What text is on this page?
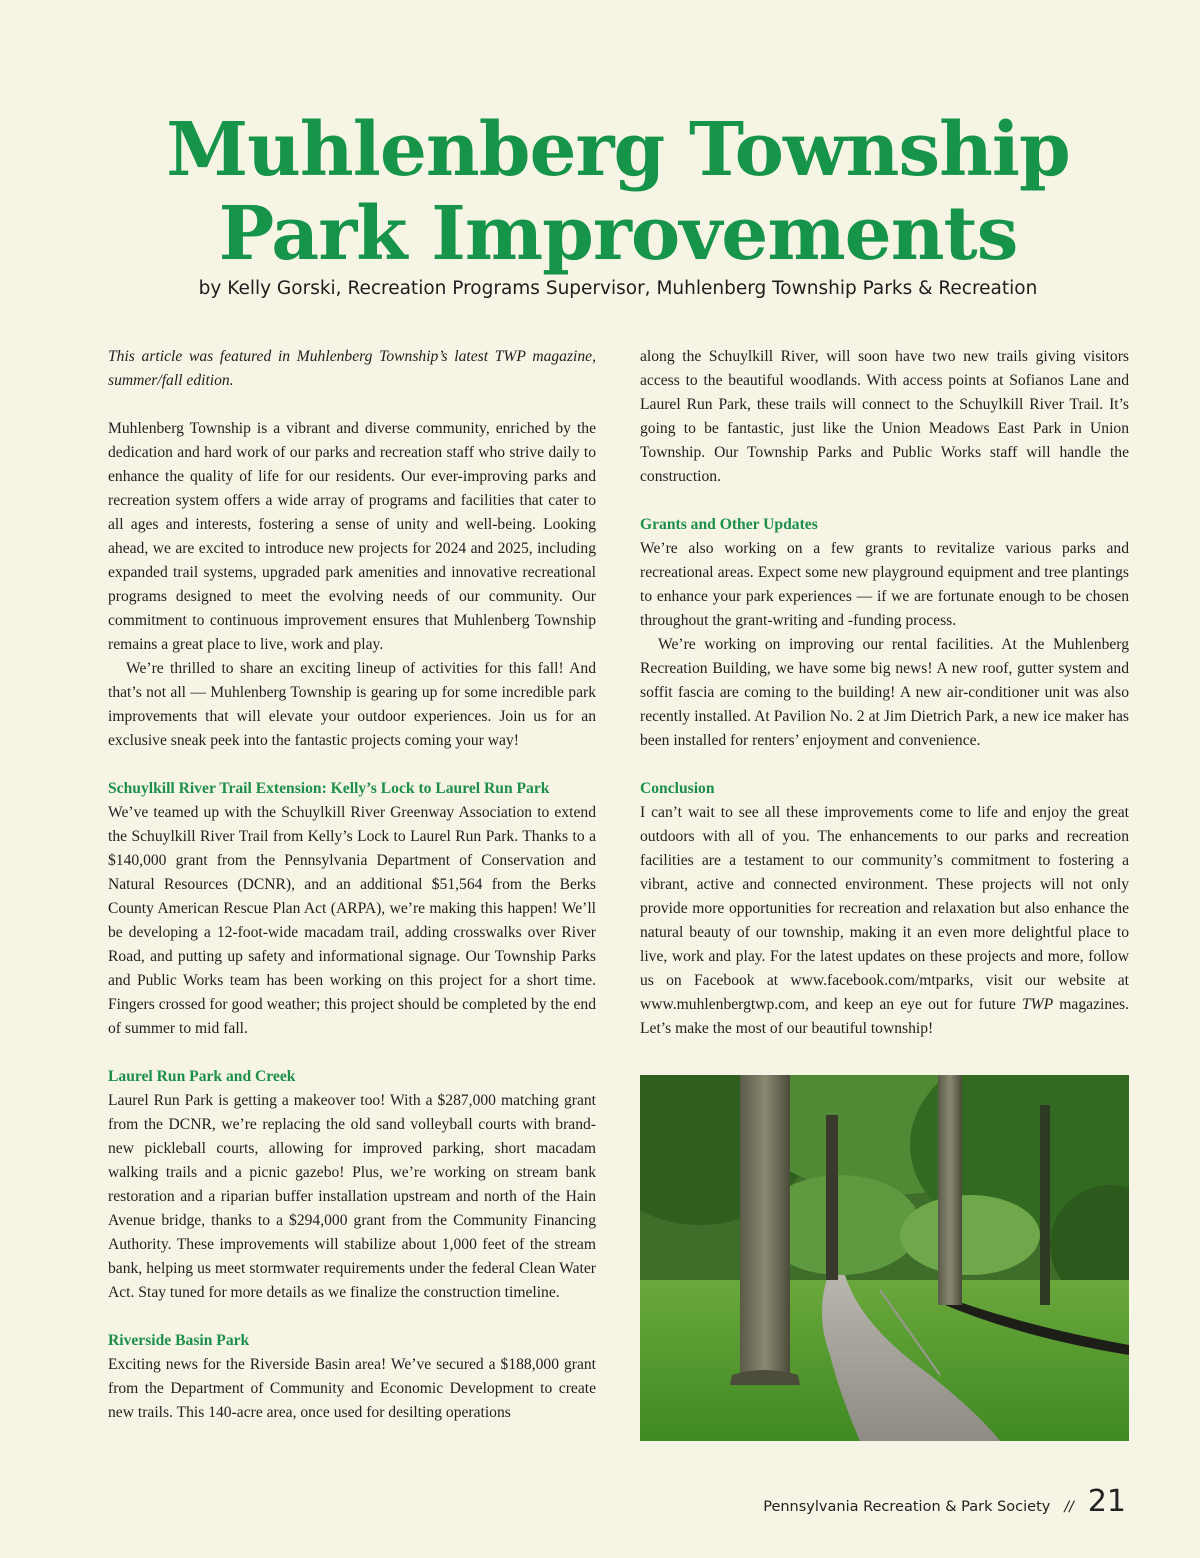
Muhlenberg Township
Park Improvements
by Kelly Gorski, Recreation Programs Supervisor, Muhlenberg Township Parks & Recreation

This article was featured in Muhlenberg Township’s latest TWP magazine, summer/fall edition.

Muhlenberg Township is a vibrant and diverse community, enriched by the dedication and hard work of our parks and recreation staff who strive daily to enhance the quality of life for our residents. Our ever-improving parks and recreation system offers a wide array of programs and facilities that cater to all ages and interests, fostering a sense of unity and well-being. Looking ahead, we are excited to introduce new projects for 2024 and 2025, including expanded trail systems, upgraded park amenities and innovative recreational programs designed to meet the evolving needs of our community. Our commitment to continuous improvement ensures that Muhlenberg Township remains a great place to live, work and play.

We’re thrilled to share an exciting lineup of activities for this fall! And that’s not all — Muhlenberg Township is gearing up for some incredible park improvements that will elevate your outdoor experiences. Join us for an exclusive sneak peek into the fantastic projects coming your way!

Schuylkill River Trail Extension: Kelly’s Lock to Laurel Run Park

We’ve teamed up with the Schuylkill River Greenway Association to extend the Schuylkill River Trail from Kelly’s Lock to Laurel Run Park. Thanks to a $140,000 grant from the Pennsylvania Department of Conservation and Natural Resources (DCNR), and an additional $51,564 from the Berks County American Rescue Plan Act (ARPA), we’re making this happen! We’ll be developing a 12-foot-wide macadam trail, adding crosswalks over River Road, and putting up safety and informational signage. Our Township Parks and Public Works team has been working on this project for a short time. Fingers crossed for good weather; this project should be completed by the end of summer to mid fall.

Laurel Run Park and Creek

Laurel Run Park is getting a makeover too! With a $287,000 matching grant from the DCNR, we’re replacing the old sand volleyball courts with brand-new pickleball courts, allowing for improved parking, short macadam walking trails and a picnic gazebo! Plus, we’re working on stream bank restoration and a riparian buffer installation upstream and north of the Hain Avenue bridge, thanks to a $294,000 grant from the Community Financing Authority. These improvements will stabilize about 1,000 feet of the stream bank, helping us meet stormwater requirements under the federal Clean Water Act. Stay tuned for more details as we finalize the construction timeline.

Riverside Basin Park

Exciting news for the Riverside Basin area! We’ve secured a $188,000 grant from the Department of Community and Economic Development to create new trails. This 140-acre area, once used for desilting operations

along the Schuylkill River, will soon have two new trails giving visitors access to the beautiful woodlands. With access points at Sofianos Lane and Laurel Run Park, these trails will connect to the Schuylkill River Trail. It’s going to be fantastic, just like the Union Meadows East Park in Union Township. Our Township Parks and Public Works staff will handle the construction.

Grants and Other Updates

We’re also working on a few grants to revitalize various parks and recreational areas. Expect some new playground equipment and tree plantings to enhance your park experiences — if we are fortunate enough to be chosen throughout the grant-writing and -funding process.

We’re working on improving our rental facilities. At the Muhlenberg Recreation Building, we have some big news! A new roof, gutter system and soffit fascia are coming to the building! A new air-conditioner unit was also recently installed. At Pavilion No. 2 at Jim Dietrich Park, a new ice maker has been installed for renters’ enjoyment and convenience.

Conclusion

I can’t wait to see all these improvements come to life and enjoy the great outdoors with all of you. The enhancements to our parks and recreation facilities are a testament to our community’s commitment to fostering a vibrant, active and connected environment. These projects will not only provide more opportunities for recreation and relaxation but also enhance the natural beauty of our township, making it an even more delightful place to live, work and play. For the latest updates on these projects and more, follow us on Facebook at www.facebook.com/mtparks, visit our website at www.muhlenbergtwp.com, and keep an eye out for future TWP magazines. Let’s make the most of our beautiful township!

Pennsylvania Recreation & Park Society // 21
